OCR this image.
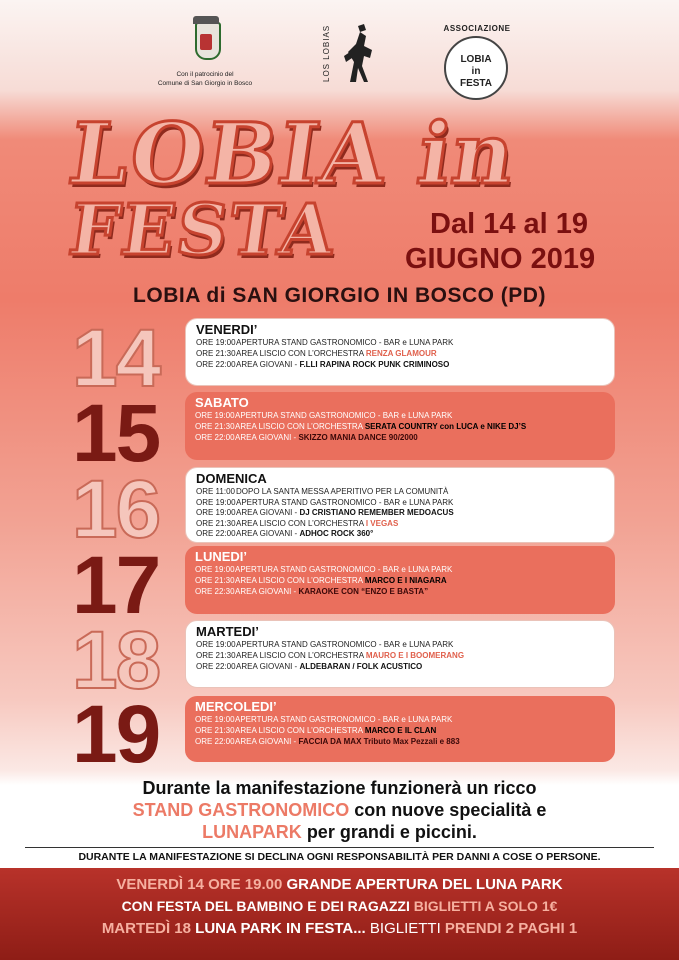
Con il patrocinio del
Comune di San Giorgio in Bosco
LOS LOBIAS	ASSOCIAZIONE
LOBIA
in
FESTA
LOBIA in
FESTA	Dal 14 al 19
GIUGNO 2019
LOBIA di SAN GIORGIO IN BOSCO (PD)
14	VENERDI’
ORE 19:00APERTURA STAND GASTRONOMICO - BAR e LUNA PARK
ORE 21:30AREA LISCIO CON L’ORCHESTRA RENZA GLAMOUR
ORE 22:00AREA GIOVANI - F.LLI RAPINA ROCK PUNK CRIMINOSO
15	SABATO
ORE 19:00APERTURA STAND GASTRONOMICO - BAR e LUNA PARK
ORE 21:30AREA LISCIO CON L’ORCHESTRA SERATA COUNTRY con LUCA e NIKE DJ’S
ORE 22:00AREA GIOVANI - SKIZZO MANIA DANCE 90/2000
16	DOMENICA
ORE 11:00DOPO LA SANTA MESSA APERITIVO PER LA COMUNITÀ
ORE 19:00APERTURA STAND GASTRONOMICO - BAR e LUNA PARK
ORE 19:00AREA GIOVANI - DJ CRISTIANO REMEMBER MEDOACUS
ORE 21:30AREA LISCIO CON L’ORCHESTRA I VEGAS
ORE 22:00AREA GIOVANI - ADHOC ROCK 360°
17	LUNEDI’
ORE 19:00APERTURA STAND GASTRONOMICO - BAR e LUNA PARK
ORE 21:30AREA LISCIO CON L’ORCHESTRA MARCO E I NIAGARA
ORE 22:30AREA GIOVANI - KARAOKE CON “ENZO E BASTA”
18	MARTEDI’
ORE 19:00APERTURA STAND GASTRONOMICO - BAR e LUNA PARK
ORE 21:30AREA LISCIO CON L’ORCHESTRA MAURO E I BOOMERANG
ORE 22:00AREA GIOVANI - ALDEBARAN / FOLK ACUSTICO
19	MERCOLEDI’
ORE 19:00APERTURA STAND GASTRONOMICO - BAR e LUNA PARK
ORE 21:30AREA LISCIO CON L’ORCHESTRA MARCO E IL CLAN
ORE 22:00AREA GIOVANI - FACCIA DA MAX Tributo Max Pezzali e 883
Durante la manifestazione funzionerà un ricco
STAND GASTRONOMICO con nuove specialità e
LUNAPARK per grandi e piccini.
DURANTE LA MANIFESTAZIONE SI DECLINA OGNI RESPONSABILITÀ PER DANNI A COSE O PERSONE.
VENERDÌ 14 ORE 19.00 GRANDE APERTURA DEL LUNA PARK
CON FESTA DEL BAMBINO E DEI RAGAZZI BIGLIETTI A SOLO 1€
MARTEDÌ 18 LUNA PARK IN FESTA... BIGLIETTI PRENDI 2 PAGHI 1
